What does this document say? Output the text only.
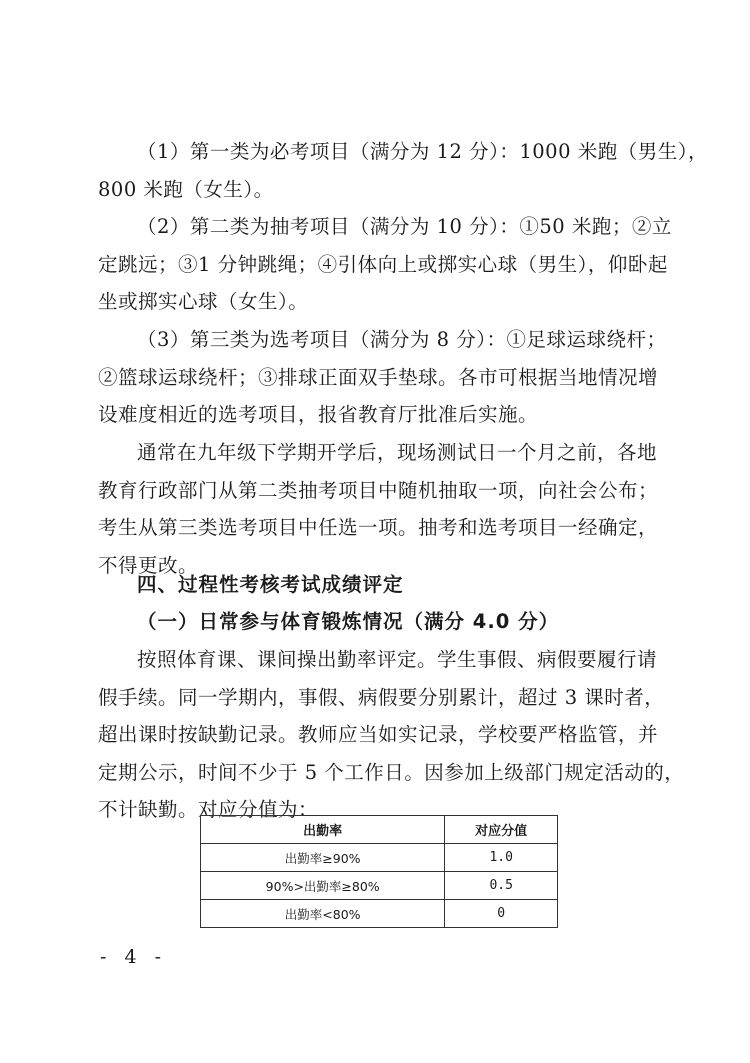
（1）第一类为必考项目（满分为 12 分）：1000 米跑（男生），
800 米跑（女生）。

（2）第二类为抽考项目（满分为 10 分）：①50 米跑；②立
定跳远；③1 分钟跳绳；④引体向上或掷实心球（男生），仰卧起
坐或掷实心球（女生）。

（3）第三类为选考项目（满分为 8 分）：①足球运球绕杆；
②篮球运球绕杆；③排球正面双手垫球。各市可根据当地情况增
设难度相近的选考项目，报省教育厅批准后实施。

通常在九年级下学期开学后，现场测试日一个月之前，各地
教育行政部门从第二类抽考项目中随机抽取一项，向社会公布；
考生从第三类选考项目中任选一项。抽考和选考项目一经确定，
不得更改。

四、过程性考核考试成绩评定
（一）日常参与体育锻炼情况（满分 4.0 分）

按照体育课、课间操出勤率评定。学生事假、病假要履行请
假手续。同一学期内，事假、病假要分别累计，超过 3 课时者，
超出课时按缺勤记录。教师应当如实记录，学校要严格监管，并
定期公示，时间不少于 5 个工作日。因参加上级部门规定活动的，
不计缺勤。对应分值为：

出勤率	对应分值
出勤率≥90%	1.0
90%>出勤率≥80%	0.5
出勤率<80%	0

- 4 -
